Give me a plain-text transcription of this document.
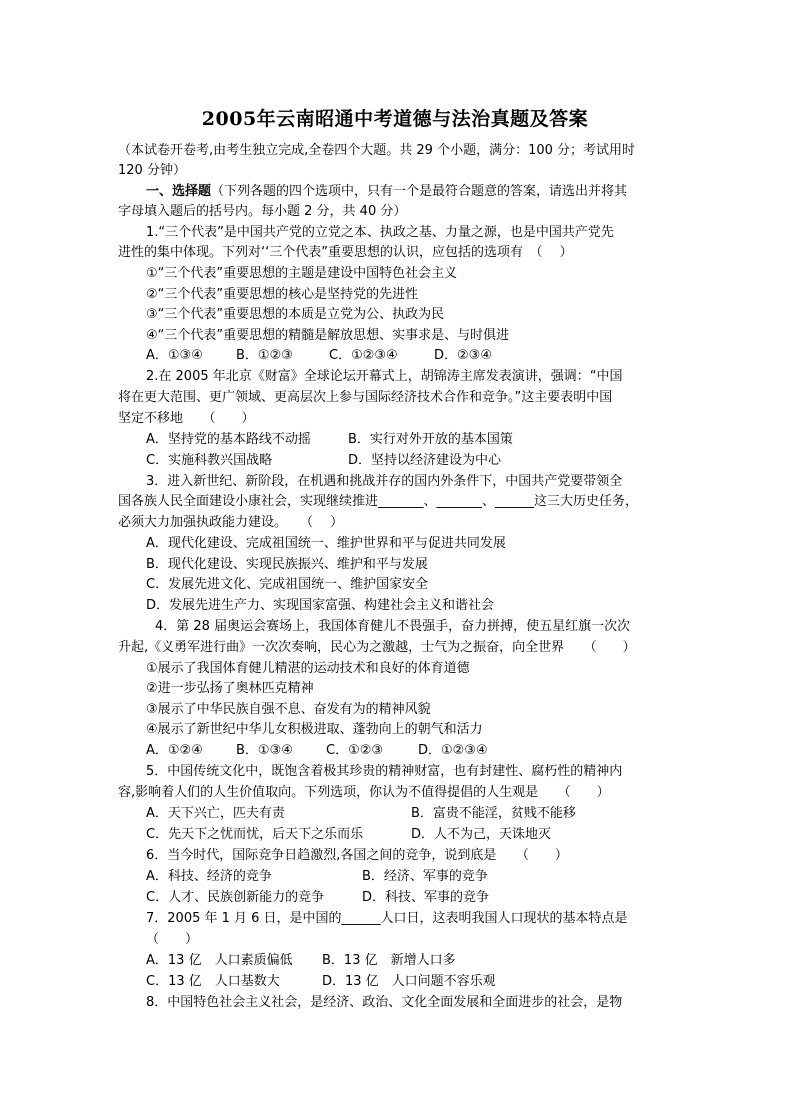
2005年云南昭通中考道德与法治真题及答案
（本试卷开卷考,由考生独立完成,全卷四个大题。共 29 个小题，满分：100 分；考试用时
120 分钟）
一、选择题（下列各题的四个选项中，只有一个是最符合题意的答案，请选出并将其
字母填入题后的括号内。每小题 2 分，共 40 分）
1.“三个代表”是中国共产党的立党之本、执政之基、力量之源，也是中国共产党先
进性的集中体现。下列对‘‘三个代表”重要思想的认识，应包括的选项有　（　 ）
①“三个代表”重要思想的主题是建设中国特色社会主义
②“三个代表”重要思想的核心是坚持党的先进性
③“三个代表”重要思想的本质是立党为公、执政为民
④“三个代表”重要思想的精髓是解放思想、实事求是、与时俱进
A．①③④	B．①②③	C．①②③④	D．②③④
2.在 2005 年北京《财富》全球论坛开幕式上，胡锦涛主席发表演讲，强调：“中国
将在更大范围、更广领域、更高层次上参与国际经济技术合作和竞争。”这主要表明中国
坚定不移地　　（　　）
A．坚持党的基本路线不动摇	B．实行对外开放的基本国策
C．实施科教兴国战略	D．坚持以经济建设为中心
3．进入新世纪、新阶段，在机遇和挑战并存的国内外条件下，中国共产党要带领全
国各族人民全面建设小康社会，实现继续推进_______、_______、______这三大历史任务，
必须大力加强执政能力建设。　　（　 ）
A．现代化建设、完成祖国统一、维护世界和平与促进共同发展
B．现代化建设、实现民族振兴、维护和平与发展
C．发展先进文化、完成祖国统一、维护国家安全
D．发展先进生产力、实现国家富强、构建社会主义和谐社会
4．第 28 届奥运会赛场上，我国体育健儿不畏强手，奋力拼搏，使五星红旗一次次
升起,《义勇军进行曲》一次次奏响，民心为之激越，士气为之振奋，向全世界　　（　　）
①展示了我国体育健儿精湛的运动技术和良好的体育道德
②进一步弘扬了奥林匹克精神
③展示了中华民族自强不息、奋发有为的精神风貌
④展示了新世纪中华儿女积极进取、蓬勃向上的朝气和活力
A．①②④	B．①③④	C．①②③	D．①②③④
5．中国传统文化中，既饱含着极其珍贵的精神财富，也有封建性、腐朽性的精神内
容,影响着人们的人生价值取向。下列选项，你认为不值得提倡的人生观是　　（　　）
A．天下兴亡，匹夫有责	B．富贵不能淫，贫贱不能移
C．先天下之忧而忧，后天下之乐而乐	D．人不为己，天诛地灭
6．当今时代，国际竞争日趋激烈,各国之间的竞争，说到底是　　（　　）
A．科技、经济的竞争	B．经济、军事的竞争
C．人才、民族创新能力的竞争	D．科技、军事的竞争
7．2005 年 1 月 6 日，是中国的______人口日，这表明我国人口现状的基本特点是
（　　）
A．13 亿　人口素质偏低 B．13 亿　新增人口多
C．13 亿　人口基数大	D．13 亿　人口问题不容乐观
8．中国特色社会主义社会，是经济、政治、文化全面发展和全面进步的社会，是物
